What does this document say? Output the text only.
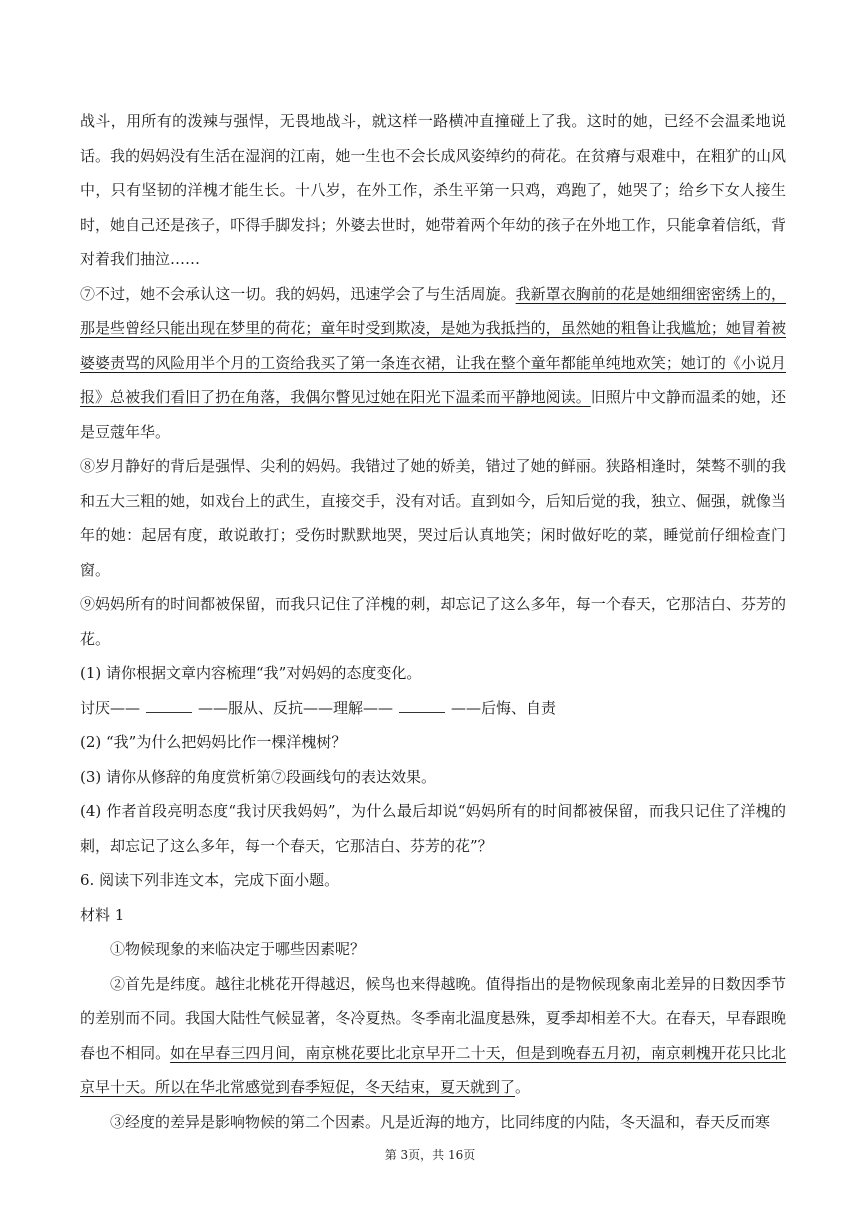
战斗，用所有的泼辣与强悍，无畏地战斗，就这样一路横冲直撞碰上了我。这时的她，已经不会温柔地说话。我的妈妈没有生活在湿润的江南，她一生也不会长成风姿绰约的荷花。在贫瘠与艰难中，在粗犷的山风中，只有坚韧的洋槐才能生长。十八岁，在外工作，杀生平第一只鸡，鸡跑了，她哭了；给乡下女人接生时，她自己还是孩子，吓得手脚发抖；外婆去世时，她带着两个年幼的孩子在外地工作，只能拿着信纸，背对着我们抽泣……

⑦不过，她不会承认这一切。我的妈妈，迅速学会了与生活周旋。我新罩衣胸前的花是她细细密密绣上的，那是些曾经只能出现在梦里的荷花；童年时受到欺凌，是她为我抵挡的，虽然她的粗鲁让我尴尬；她冒着被婆婆责骂的风险用半个月的工资给我买了第一条连衣裙，让我在整个童年都能单纯地欢笑；她订的《小说月报》总被我们看旧了扔在角落，我偶尔瞥见过她在阳光下温柔而平静地阅读。旧照片中文静而温柔的她，还是豆蔻年华。

⑧岁月静好的背后是强悍、尖利的妈妈。我错过了她的娇美，错过了她的鲜丽。狭路相逢时，桀骜不驯的我和五大三粗的她，如戏台上的武生，直接交手，没有对话。直到如今，后知后觉的我，独立、倔强，就像当年的她：起居有度，敢说敢打；受伤时默默地哭，哭过后认真地笑；闲时做好吃的菜，睡觉前仔细检查门窗。

⑨妈妈所有的时间都被保留，而我只记住了洋槐的刺，却忘记了这么多年，每一个春天，它那洁白、芬芳的花。

(1) 请你根据文章内容梳理“我”对妈妈的态度变化。

讨厌——	——服从、反抗——理解——	——后悔、自责

(2) “我”为什么把妈妈比作一棵洋槐树？

(3) 请你从修辞的角度赏析第⑦段画线句的表达效果。

(4) 作者首段亮明态度“我讨厌我妈妈”，为什么最后却说“妈妈所有的时间都被保留，而我只记住了洋槐的刺，却忘记了这么多年，每一个春天，它那洁白、芬芳的花”？

6. 阅读下列非连文本，完成下面小题。

材料 1

①物候现象的来临决定于哪些因素呢？

②首先是纬度。越往北桃花开得越迟，候鸟也来得越晚。值得指出的是物候现象南北差异的日数因季节的差别而不同。我国大陆性气候显著，冬冷夏热。冬季南北温度悬殊，夏季却相差不大。在春天，早春跟晚春也不相同。如在早春三四月间，南京桃花要比北京早开二十天，但是到晚春五月初，南京刺槐开花只比北京早十天。所以在华北常感觉到春季短促，冬天结束，夏天就到了。

③经度的差异是影响物候的第二个因素。凡是近海的地方，比同纬度的内陆，冬天温和，春天反而寒

第 3页，共 16页
